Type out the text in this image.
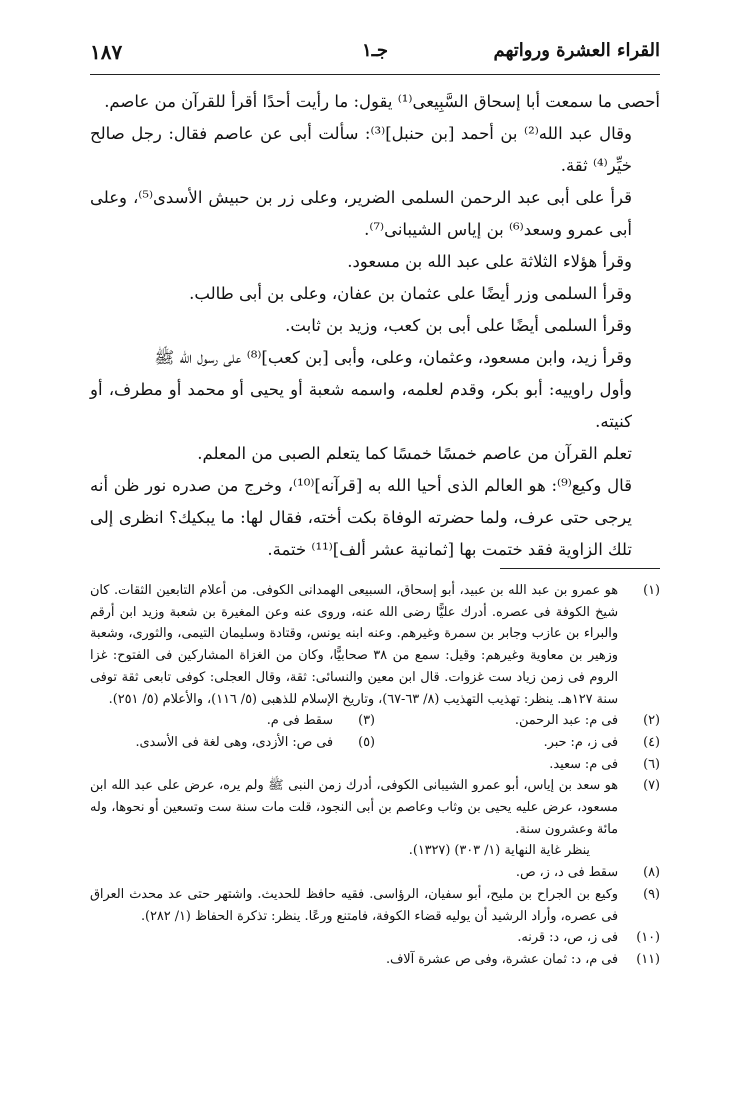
القراء العشرة ورواتهم
جـ١
١٨٧

أحصى ما سمعت أبا إسحاق السَّبِيعى⁽¹⁾ يقول: ما رأيت أحدًا أقرأ للقرآن من عاصم.

وقال عبد الله⁽²⁾ بن أحمد [بن حنبل]⁽³⁾: سألت أبى عن عاصم فقال: رجل صالح خيِّر⁽⁴⁾ ثقة.

قرأ على أبى عبد الرحمن السلمى الضرير، وعلى زر بن حبيش الأسدى⁽⁵⁾، وعلى أبى عمرو وسعد⁽⁶⁾ بن إياس الشيبانى⁽⁷⁾.

وقرأ هؤلاء الثلاثة على عبد الله بن مسعود.

وقرأ السلمى وزر أيضًا على عثمان بن عفان، وعلى بن أبى طالب.

وقرأ السلمى أيضًا على أبى بن كعب، وزيد بن ثابت.

وقرأ زيد، وابن مسعود، وعثمان، وعلى، وأبى [بن كعب]⁽⁸⁾ على رسول الله ﷺ

وأول راوييه: أبو بكر، وقدم لعلمه، واسمه شعبة أو يحيى أو محمد أو مطرف، أو كنيته.

تعلم القرآن من عاصم خمسًا خمسًا كما يتعلم الصبى من المعلم.

قال وكيع⁽⁹⁾: هو العالم الذى أحيا الله به [قرآنه]⁽¹⁰⁾، وخرج من صدره نور ظن أنه يرجى حتى عرف، ولما حضرته الوفاة بكت أخته، فقال لها: ما يبكيك؟ انظرى إلى تلك الزاوية فقد ختمت بها [ثمانية عشر ألف]⁽¹¹⁾ ختمة.

(١)
هو عمرو بن عبد الله بن عبيد، أبو إسحاق، السبيعى الهمدانى الكوفى. من أعلام التابعين الثقات. كان شيخ الكوفة فى عصره. أدرك عليًّا رضى الله عنه، وروى عنه وعن المغيرة بن شعبة وزيد ابن أرقم والبراء بن عازب وجابر بن سمرة وغيرهم. وعنه ابنه يونس، وقتادة وسليمان التيمى، والثورى، وشعبة وزهير بن معاوية وغيرهم: وقيل: سمع من ٣٨ صحابيًّا، وكان من الغزاة المشاركين فى الفتوح: غزا الروم فى زمن زياد ست غزوات. قال ابن معين والنسائى: ثقة، وقال العجلى: كوفى تابعى ثقة توفى سنة ١٢٧هـ. ينظر: تهذيب التهذيب (٨/ ٦٣-٦٧)، وتاريخ الإسلام للذهبى (٥/ ١١٦)، والأعلام (٥/ ٢٥١).
(٢)
فى م: عبد الرحمن.
(٣)
سقط فى م.
(٤)
فى ز، م: حبر.
(٥)
فى ص: الأزدى، وهى لغة فى الأسدى.
(٦)
فى م: سعيد.
(٧)
هو سعد بن إياس، أبو عمرو الشيبانى الكوفى، أدرك زمن النبى ﷺ ولم يره، عرض على عبد الله ابن مسعود، عرض عليه يحيى بن وثاب وعاصم بن أبى النجود، قلت مات سنة ست وتسعين أو نحوها، وله مائة وعشرون سنة.
ينظر غاية النهاية (١/ ٣٠٣) (١٣٢٧).
(٨)
سقط فى د، ز، ص.
(٩)
وكيع بن الجراح بن مليح، أبو سفيان، الرؤاسى. فقيه حافظ للحديث. واشتهر حتى عد محدث العراق فى عصره، وأراد الرشيد أن يوليه قضاء الكوفة، فامتنع ورعًا. ينظر: تذكرة الحفاظ (١/ ٢٨٢).
(١٠)
فى ز، ص، د: قرنه.
(١١)
فى م، د: ثمان عشرة، وفى ص عشرة آلاف.
